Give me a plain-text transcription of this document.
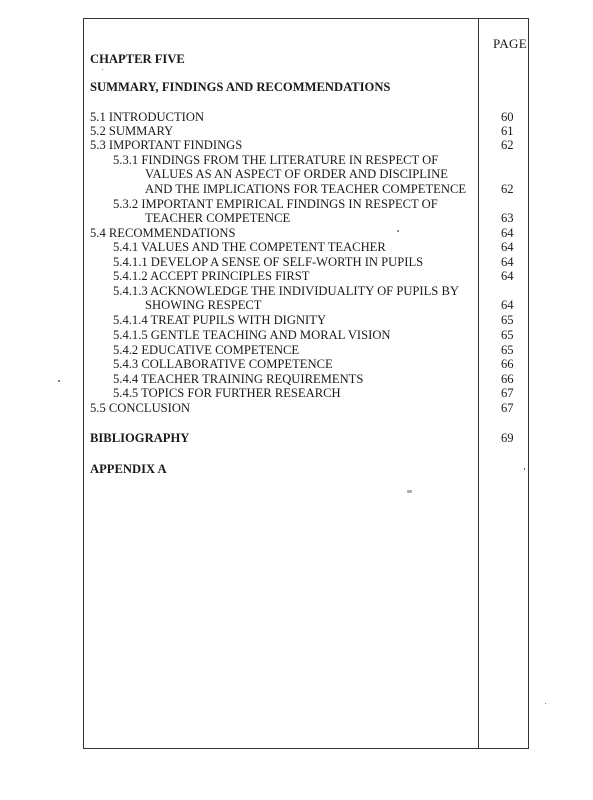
PAGE
CHAPTER FIVE
SUMMARY, FINDINGS AND RECOMMENDATIONS
5.1 INTRODUCTION	60
5.2 SUMMARY	61
5.3 IMPORTANT FINDINGS	62
5.3.1 FINDINGS FROM THE LITERATURE IN RESPECT OF
VALUES AS AN ASPECT OF ORDER AND DISCIPLINE
AND THE IMPLICATIONS FOR TEACHER COMPETENCE	62
5.3.2 IMPORTANT EMPIRICAL FINDINGS IN RESPECT OF
TEACHER COMPETENCE	63
5.4 RECOMMENDATIONS	64
5.4.1 VALUES AND THE COMPETENT TEACHER	64
5.4.1.1 DEVELOP A SENSE OF SELF-WORTH IN PUPILS	64
5.4.1.2 ACCEPT PRINCIPLES FIRST	64
5.4.1.3 ACKNOWLEDGE THE INDIVIDUALITY OF PUPILS BY
SHOWING RESPECT	64
5.4.1.4 TREAT PUPILS WITH DIGNITY	65
5.4.1.5 GENTLE TEACHING AND MORAL VISION	65
5.4.2 EDUCATIVE COMPETENCE	65
5.4.3 COLLABORATIVE COMPETENCE	66
5.4.4 TEACHER TRAINING REQUIREMENTS	66
5.4.5 TOPICS FOR FURTHER RESEARCH	67
5.5 CONCLUSION	67
BIBLIOGRAPHY	69
APPENDIX A
